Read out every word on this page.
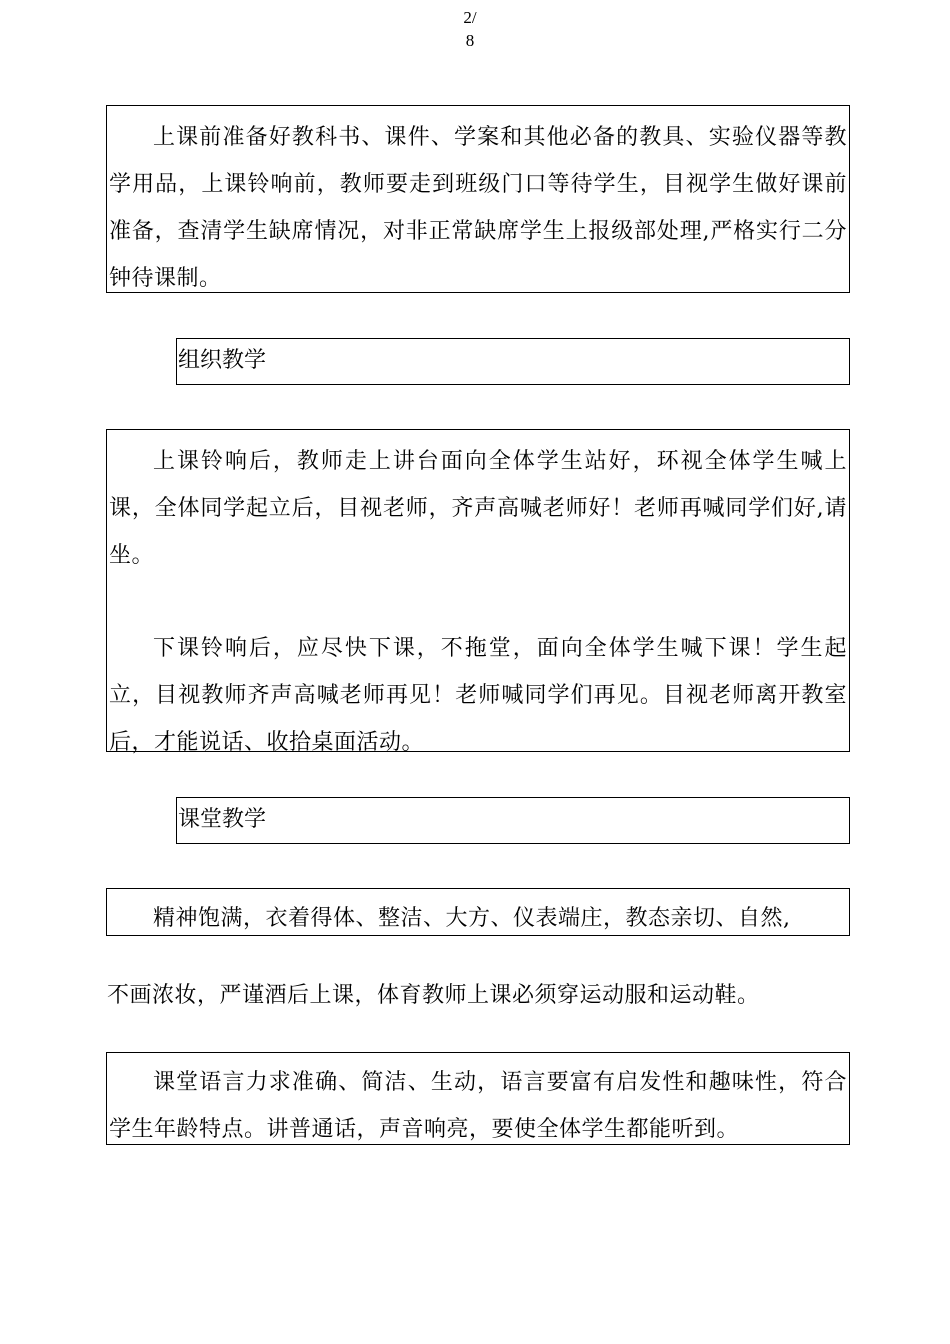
2/
8

上课前准备好教科书、课件、学案和其他必备的教具、实验仪器等教学用品，上课铃响前，教师要走到班级门口等待学生，目视学生做好课前准备，查清学生缺席情况，对非正常缺席学生上报级部处理,严格实行二分钟待课制。

组织教学

上课铃响后，教师走上讲台面向全体学生站好，环视全体学生喊上课，全体同学起立后，目视老师，齐声高喊老师好！老师再喊同学们好,请坐。

下课铃响后，应尽快下课，不拖堂，面向全体学生喊下课！学生起立，目视教师齐声高喊老师再见！老师喊同学们再见。目视老师离开教室后，才能说话、收拾桌面活动。

课堂教学

精神饱满，衣着得体、整洁、大方、仪表端庄，教态亲切、自然,

不画浓妆，严谨酒后上课，体育教师上课必须穿运动服和运动鞋。

课堂语言力求准确、简洁、生动，语言要富有启发性和趣味性，符合学生年龄特点。讲普通话，声音响亮，要使全体学生都能听到。
